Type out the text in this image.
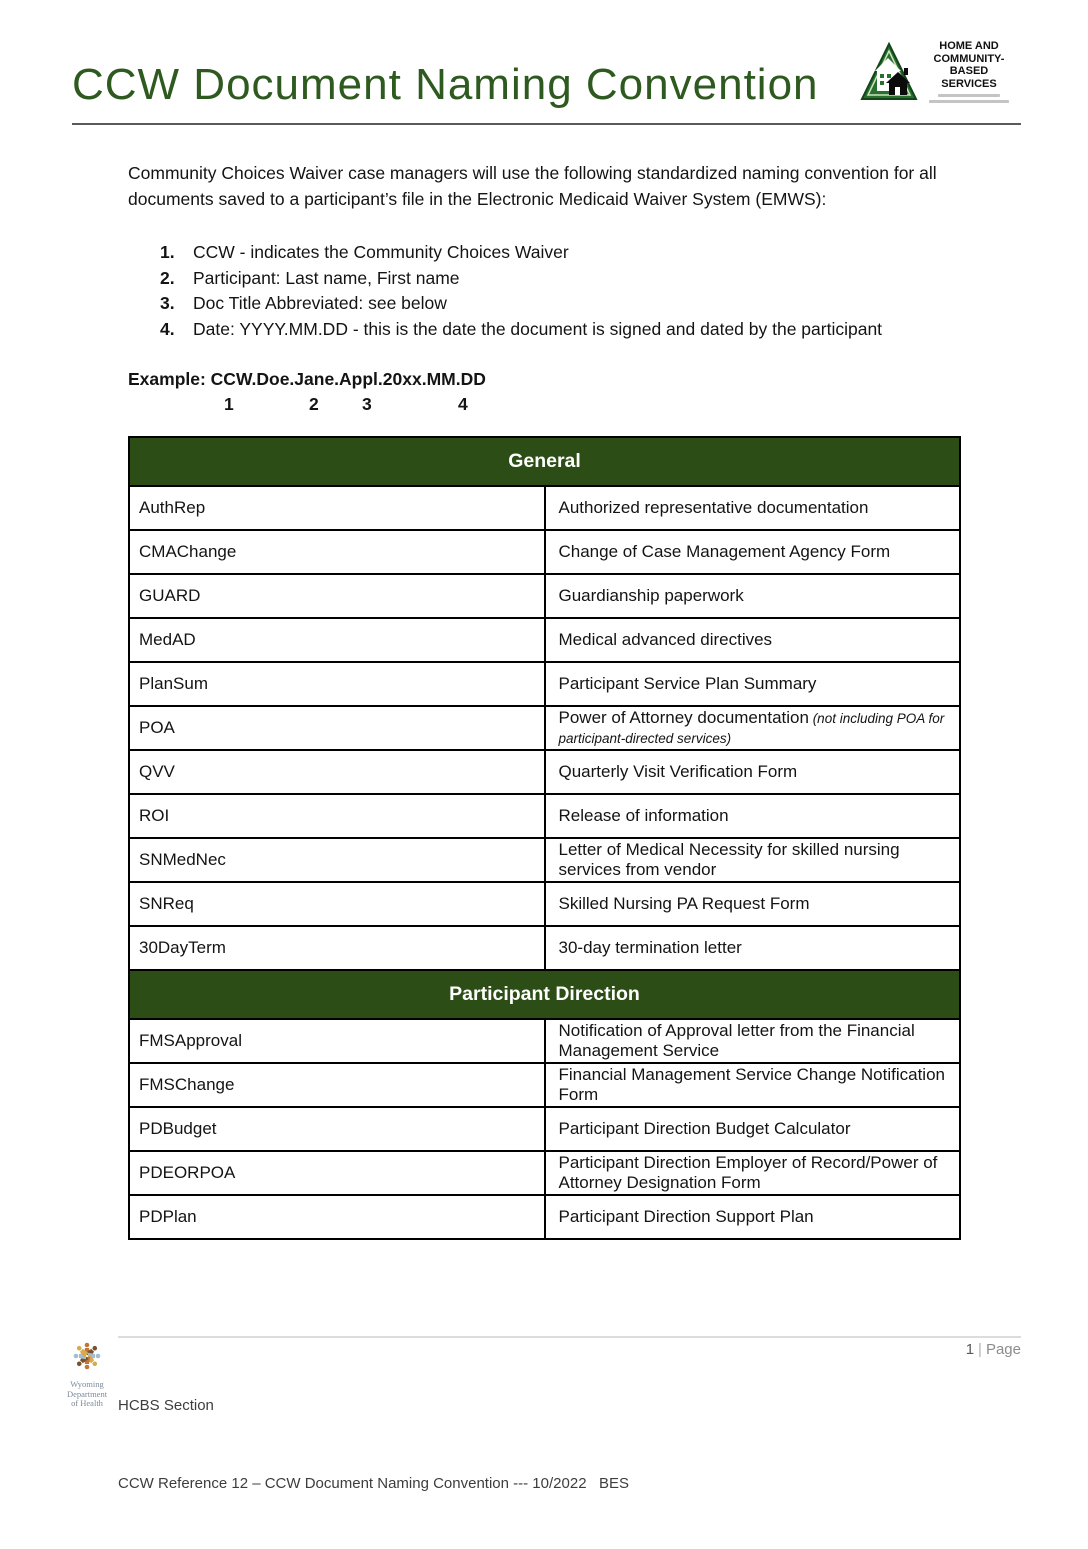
CCW Document Naming Convention
HOME AND
COMMUNITY-
BASED
SERVICES

Community Choices Waiver case managers will use the following standardized naming convention for all documents saved to a participant’s file in the Electronic Medicaid Waiver System (EMWS):

1.	CCW - indicates the Community Choices Waiver
2.	Participant: Last name, First name
3.	Doc Title Abbreviated: see below
4.	Date: YYYY.MM.DD - this is the date the document is signed and dated by the participant
Example: CCW.Doe.Jane.Appl.20xx.MM.DD
1	2 3	4
General	
AuthRep	Authorized representative documentation
CMAChange	Change of Case Management Agency Form
GUARD	Guardianship paperwork
MedAD	Medical advanced directives
PlanSum	Participant Service Plan Summary
POA	Power of Attorney documentation (not including POA for participant-directed services)
QVV	Quarterly Visit Verification Form
ROI	Release of information
SNMedNec	Letter of Medical Necessity for skilled nursing services from vendor
SNReq	Skilled Nursing PA Request Form
30DayTerm	30-day termination letter
Participant Direction	
FMSApproval	Notification of Approval letter from the Financial Management Service
FMSChange	Financial Management Service Change Notification Form
PDBudget	Participant Direction Budget Calculator
PDEORPOA	Participant Direction Employer of Record/Power of Attorney Designation Form
PDPlan	Participant Direction Support Plan
Wyoming
Department
of Health

	HCBS Section

CCW Reference 12 – CCW Document Naming Convention --- 10/2022   BES

1 | Page
